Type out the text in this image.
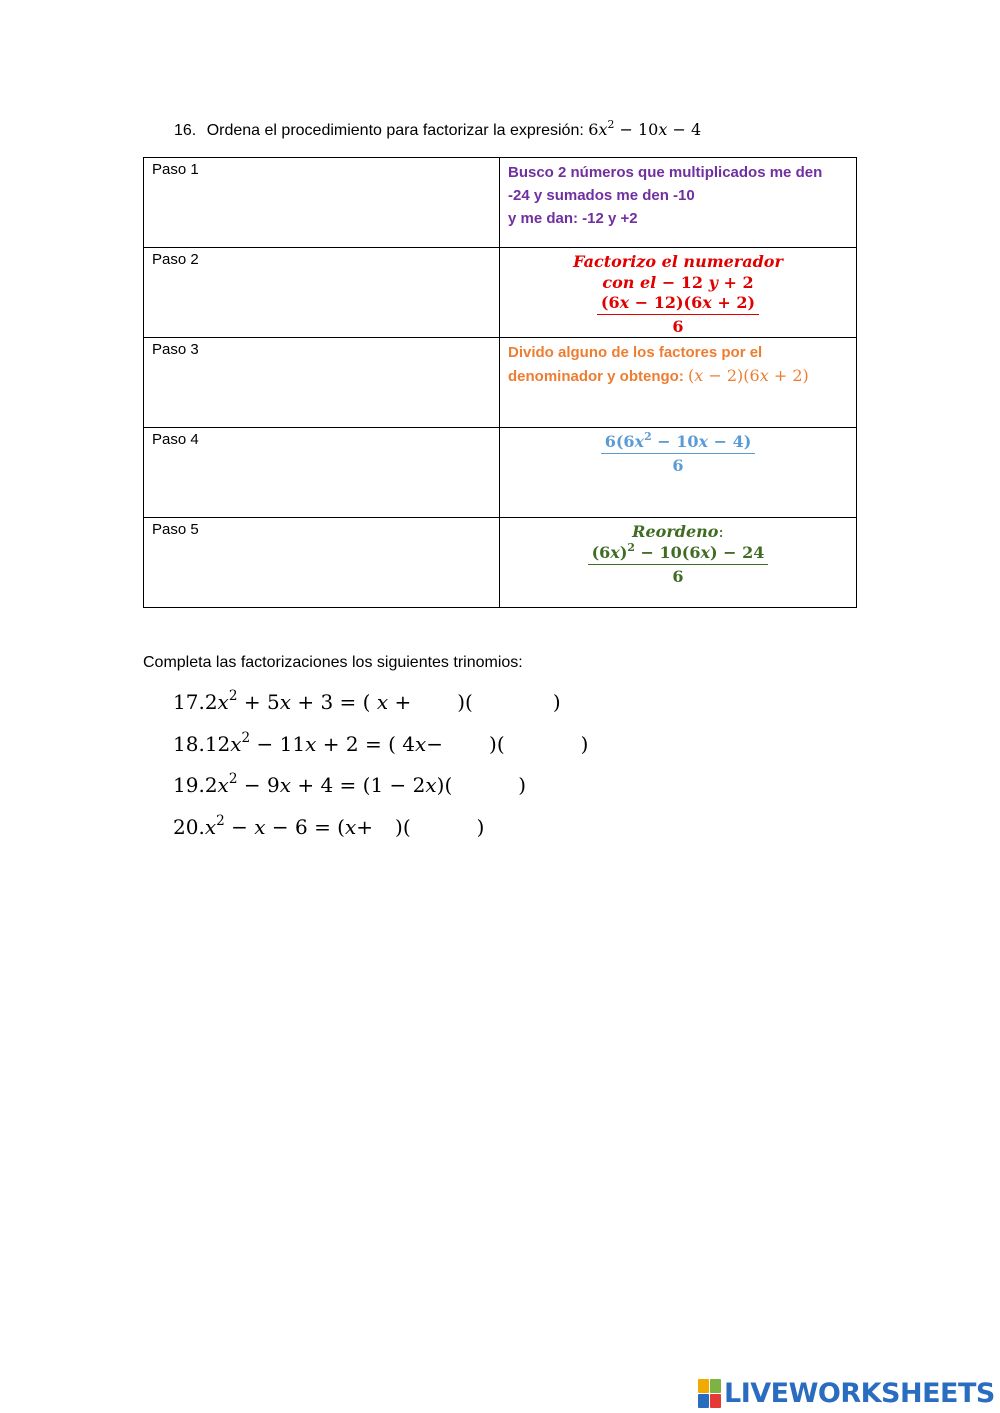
16. Ordena el procedimiento para factorizar la expresión: $6x^2 - 10x - 4$
Paso 1	Busco 2 números que multiplicados me den
-24 y sumados me den -10
y me dan: -12 y +2

Paso 2	Factorizo el numerador
con el − 12 y + 2
$\frac{(6x - 12)(6x + 2)}{6}$

Paso 3	Divido alguno de los factores por el
denominador y obtengo: (x − 2)(6x + 2)

Paso 4	$\frac{6(6x^2 - 10x - 4)}{6}$

Paso 5	Reordeno:
$\frac{(6x)^2 - 10(6x) - 24}{6}$
Completa las factorizaciones los siguientes trinomios:
$17.2x^2 + 5x + 3$ = ( x + )(	)
$18.12x^2 - 11x + 2$ = ( 4x− )(	)
$19.2x^2 - 9x + 4 = (1 - 2x)$(	)
$20.x^2 - x - 6 = (x+$ )(	)
LIVEWORKSHEETS
